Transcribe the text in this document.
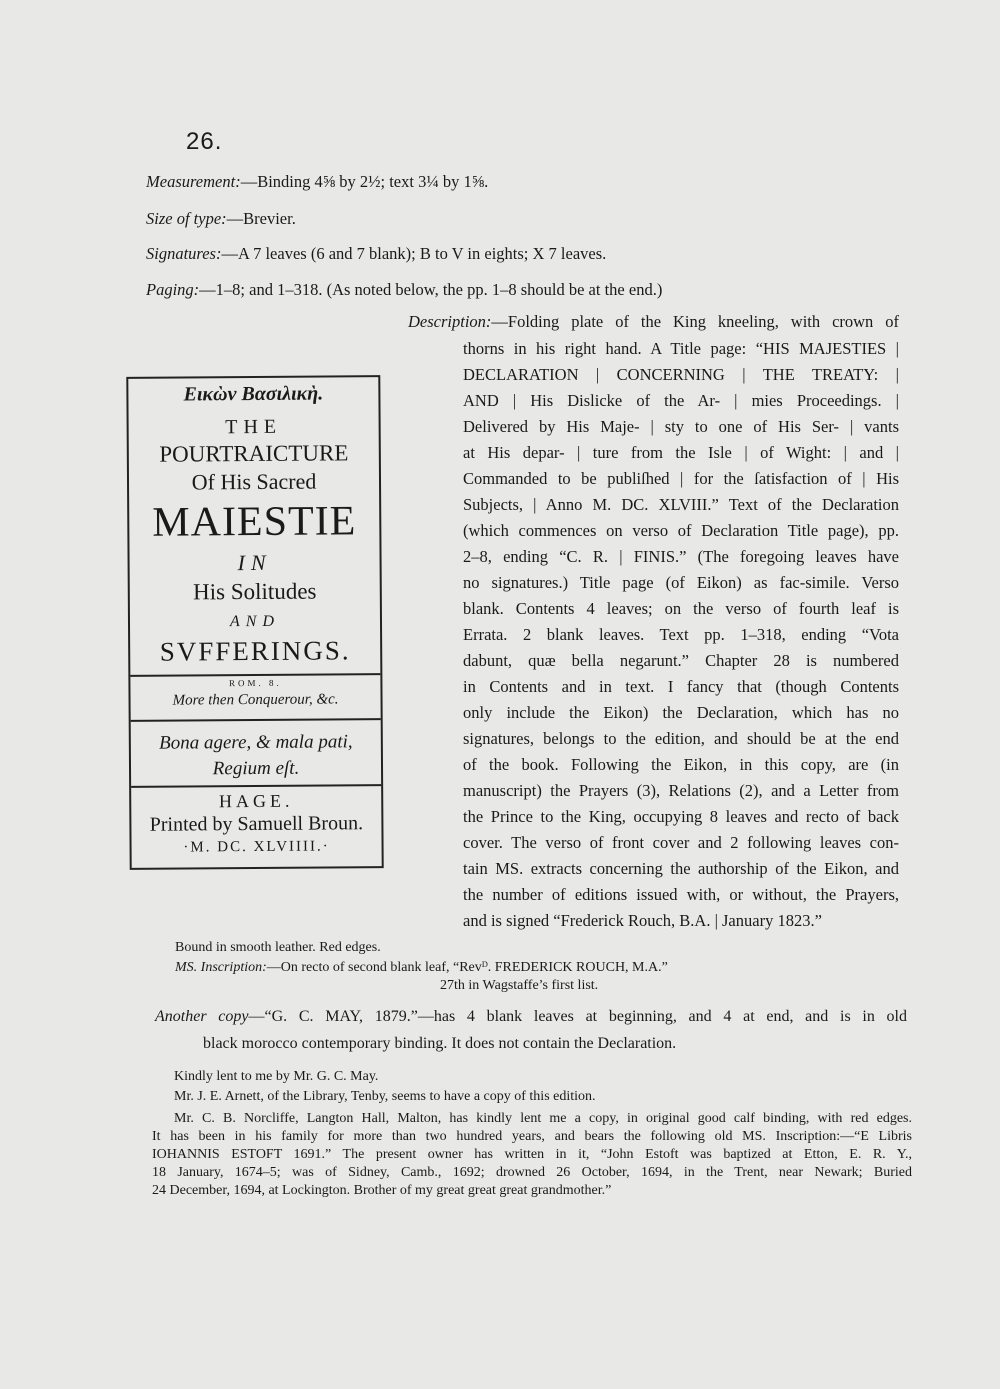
26.
Measurement:—Binding 4⅝ by 2½; text 3¼ by 1⅝.
Size of type:—Brevier.
Signatures:—A 7 leaves (6 and 7 blank); B to V in eights; X 7 leaves.
Paging:—1–8; and 1–318. (As noted below, the pp. 1–8 should be at the end.)
Description:—Folding plate of the King kneeling, with crown of
thorns in his right hand. A Title page: “HIS MAJESTIES |
DECLARATION | CONCERNING | THE TREATY: |
AND | His Dislicke of the Ar- | mies Proceedings. |
Delivered by His Maje- | sty to one of His Ser- | vants
at His depar- | ture from the Isle | of Wight: | and |
Commanded to be publiſhed | for the ſatisfaction of | His
Subjects, | Anno M. DC. XLVIII.” Text of the Declaration
(which commences on verso of Declaration Title page), pp.
2–8, ending “C. R. | FINIS.” (The foregoing leaves have
no signatures.) Title page (of Eikon) as fac-simile. Verso
blank. Contents 4 leaves; on the verso of fourth leaf is
Errata. 2 blank leaves. Text pp. 1–318, ending “Vota
dabunt, quæ bella negarunt.” Chapter 28 is numbered
in Contents and in text. I fancy that (though Contents
only include the Eikon) the Declaration, which has no
signatures, belongs to the edition, and should be at the end
of the book. Following the Eikon, in this copy, are (in
manuscript) the Prayers (3), Relations (2), and a Letter from
the Prince to the King, occupying 8 leaves and recto of back
cover. The verso of front cover and 2 following leaves con-
tain MS. extracts concerning the authorship of the Eikon, and
the number of editions issued with, or without, the Prayers,
and is signed “Frederick Rouch, B.A. | January 1823.”
Εικὼν Βασιλικὴ.
THE
POURTRAICTURE
Of His Sacred
MAIESTIE
IN
His Solitudes
AND
SVFFERINGS.
ROM. 8.
More then Conquerour, &c.
Bona agere, & mala pati,
Regium eſt.
HAGE.
Printed by Samuell Broun.
·M. DC. XLVIIII.·
Bound in smooth leather. Red edges.
MS. Inscription:—On recto of second blank leaf, “Revᴰ. FREDERICK ROUCH, M.A.”
27th in Wagstaffe’s first list.
Another copy—“G. C. MAY, 1879.”—has 4 blank leaves at beginning, and 4 at end, and is in old
black morocco contemporary binding. It does not contain the Declaration.
Kindly lent to me by Mr. G. C. May.
Mr. J. E. Arnett, of the Library, Tenby, seems to have a copy of this edition.
Mr. C. B. Norcliffe, Langton Hall, Malton, has kindly lent me a copy, in original good calf binding, with red edges.
It has been in his family for more than two hundred years, and bears the following old MS. Inscription:—“E Libris
IOHANNIS ESTOFT 1691.” The present owner has written in it, “John Estoft was baptized at Etton, E. R. Y.,
18 January, 1674–5; was of Sidney, Camb., 1692; drowned 26 October, 1694, in the Trent, near Newark; Buried
24 December, 1694, at Lockington. Brother of my great great great grandmother.”
